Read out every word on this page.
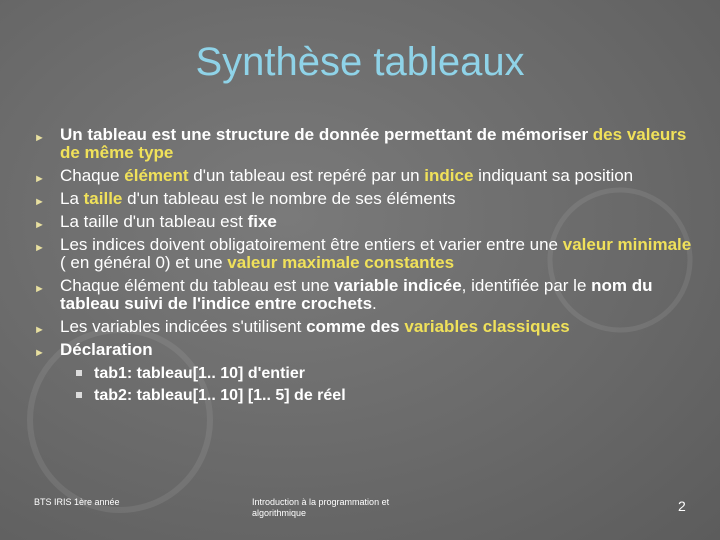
Synthèse tableaux
► Un tableau est une structure de donnée permettant de mémoriser des valeurs de même type
► Chaque élément d'un tableau est repéré par un indice indiquant sa position
► La taille d'un tableau est le nombre de ses éléments
► La taille d'un tableau est fixe
► Les indices doivent obligatoirement être entiers et varier entre une valeur minimale ( en général 0) et une valeur maximale constantes
► Chaque élément du tableau est une variable indicée, identifiée par le nom du tableau suivi de l'indice entre crochets.
► Les variables indicées s'utilisent comme des variables classiques
► Déclaration
tab1: tableau[1.. 10] d'entier
tab2: tableau[1.. 10] [1.. 5] de réel
BTS IRIS 1ère année	Introduction à la programmation et algorithmique	2
